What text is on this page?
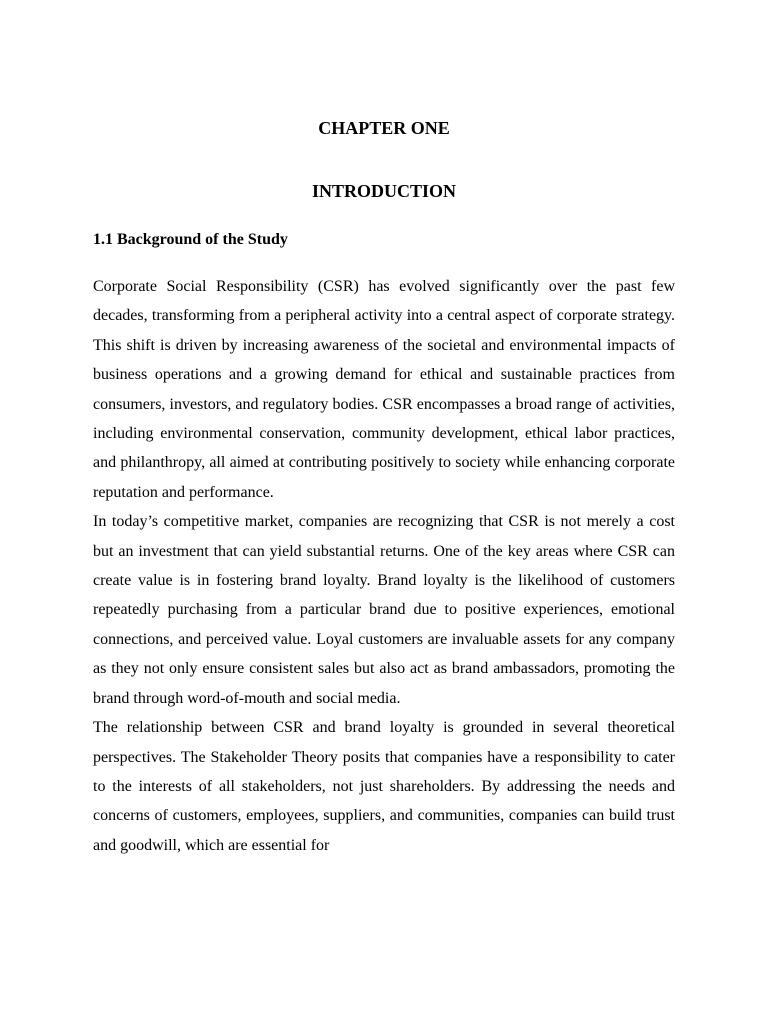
CHAPTER ONE
INTRODUCTION
1.1 Background of the Study

Corporate Social Responsibility (CSR) has evolved significantly over the past few decades, transforming from a peripheral activity into a central aspect of corporate strategy. This shift is driven by increasing awareness of the societal and environmental impacts of business operations and a growing demand for ethical and sustainable practices from consumers, investors, and regulatory bodies. CSR encompasses a broad range of activities, including environmental conservation, community development, ethical labor practices, and philanthropy, all aimed at contributing positively to society while enhancing corporate reputation and performance.

In today’s competitive market, companies are recognizing that CSR is not merely a cost but an investment that can yield substantial returns. One of the key areas where CSR can create value is in fostering brand loyalty. Brand loyalty is the likelihood of customers repeatedly purchasing from a particular brand due to positive experiences, emotional connections, and perceived value. Loyal customers are invaluable assets for any company as they not only ensure consistent sales but also act as brand ambassadors, promoting the brand through word-of-mouth and social media.

The relationship between CSR and brand loyalty is grounded in several theoretical perspectives. The Stakeholder Theory posits that companies have a responsibility to cater to the interests of all stakeholders, not just shareholders. By addressing the needs and concerns of customers, employees, suppliers, and communities, companies can build trust and goodwill, which are essential for
